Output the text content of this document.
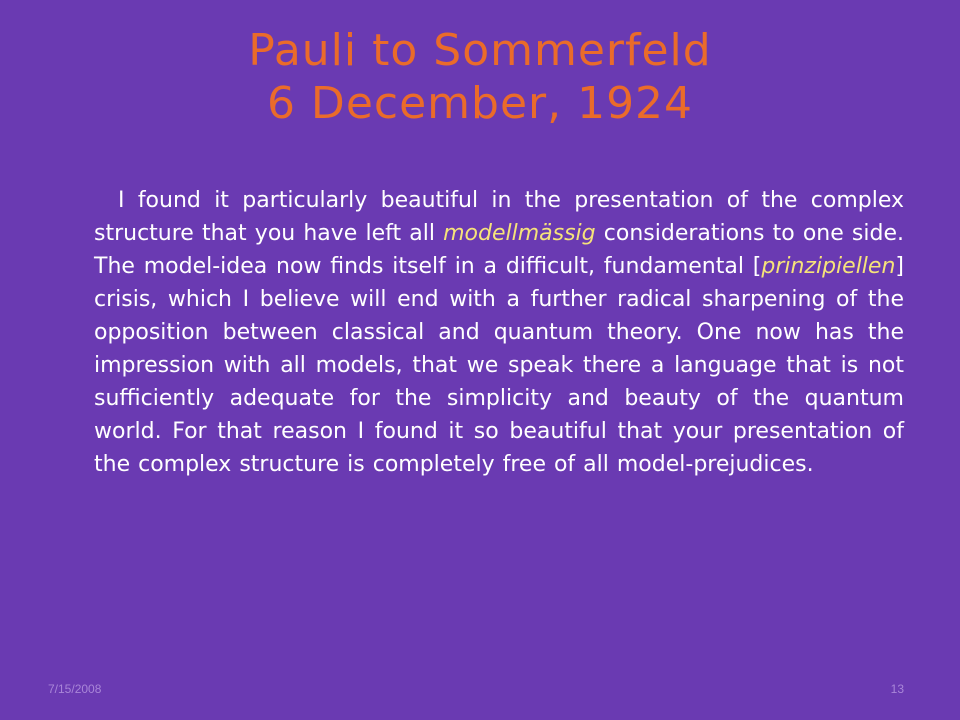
Pauli to Sommerfeld
6 December, 1924
I found it particularly beautiful in the presentation of the complex structure that you have left all modellmässig considerations to one side. The model-idea now finds itself in a difficult, fundamental [prinzipiellen] crisis, which I believe will end with a further radical sharpening of the opposition between classical and quantum theory. One now has the impression with all models, that we speak there a language that is not sufficiently adequate for the simplicity and beauty of the quantum world. For that reason I found it so beautiful that your presentation of the complex structure is completely free of all model-prejudices.
7/15/2008	13
